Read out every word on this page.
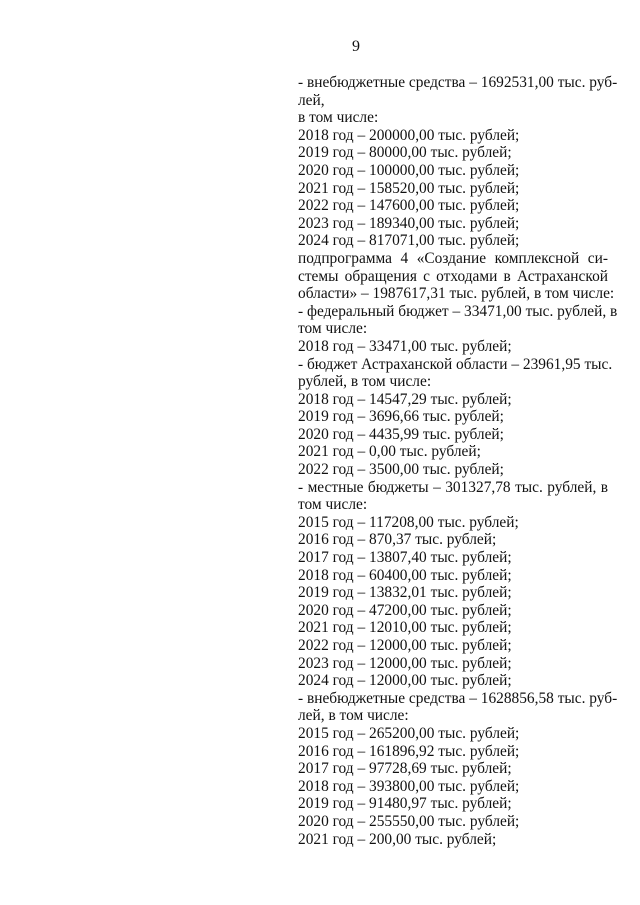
9
- внебюджетные средства – 1692531,00 тыс. руб-
лей,
в том числе:
2018 год – 200000,00 тыс. рублей;
2019 год – 80000,00 тыс. рублей;
2020 год – 100000,00 тыс. рублей;
2021 год – 158520,00 тыс. рублей;
2022 год – 147600,00 тыс. рублей;
2023 год – 189340,00 тыс. рублей;
2024 год – 817071,00 тыс. рублей;
подпрограмма 4 «Создание комплексной си-
стемы обращения с отходами в Астраханской
области» – 1987617,31 тыс. рублей, в том числе:
- федеральный бюджет – 33471,00 тыс. рублей, в
том числе:
2018 год – 33471,00 тыс. рублей;
- бюджет Астраханской области – 23961,95 тыс.
рублей, в том числе:
2018 год – 14547,29 тыс. рублей;
2019 год – 3696,66 тыс. рублей;
2020 год – 4435,99 тыс. рублей;
2021 год – 0,00 тыс. рублей;
2022 год – 3500,00 тыс. рублей;
- местные бюджеты – 301327,78 тыс. рублей, в
том числе:
2015 год – 117208,00 тыс. рублей;
2016 год – 870,37 тыс. рублей;
2017 год – 13807,40 тыс. рублей;
2018 год – 60400,00 тыс. рублей;
2019 год – 13832,01 тыс. рублей;
2020 год – 47200,00 тыс. рублей;
2021 год – 12010,00 тыс. рублей;
2022 год – 12000,00 тыс. рублей;
2023 год – 12000,00 тыс. рублей;
2024 год – 12000,00 тыс. рублей;
- внебюджетные средства – 1628856,58 тыс. руб-
лей, в том числе:
2015 год – 265200,00 тыс. рублей;
2016 год – 161896,92 тыс. рублей;
2017 год – 97728,69 тыс. рублей;
2018 год – 393800,00 тыс. рублей;
2019 год – 91480,97 тыс. рублей;
2020 год – 255550,00 тыс. рублей;
2021 год – 200,00 тыс. рублей;
